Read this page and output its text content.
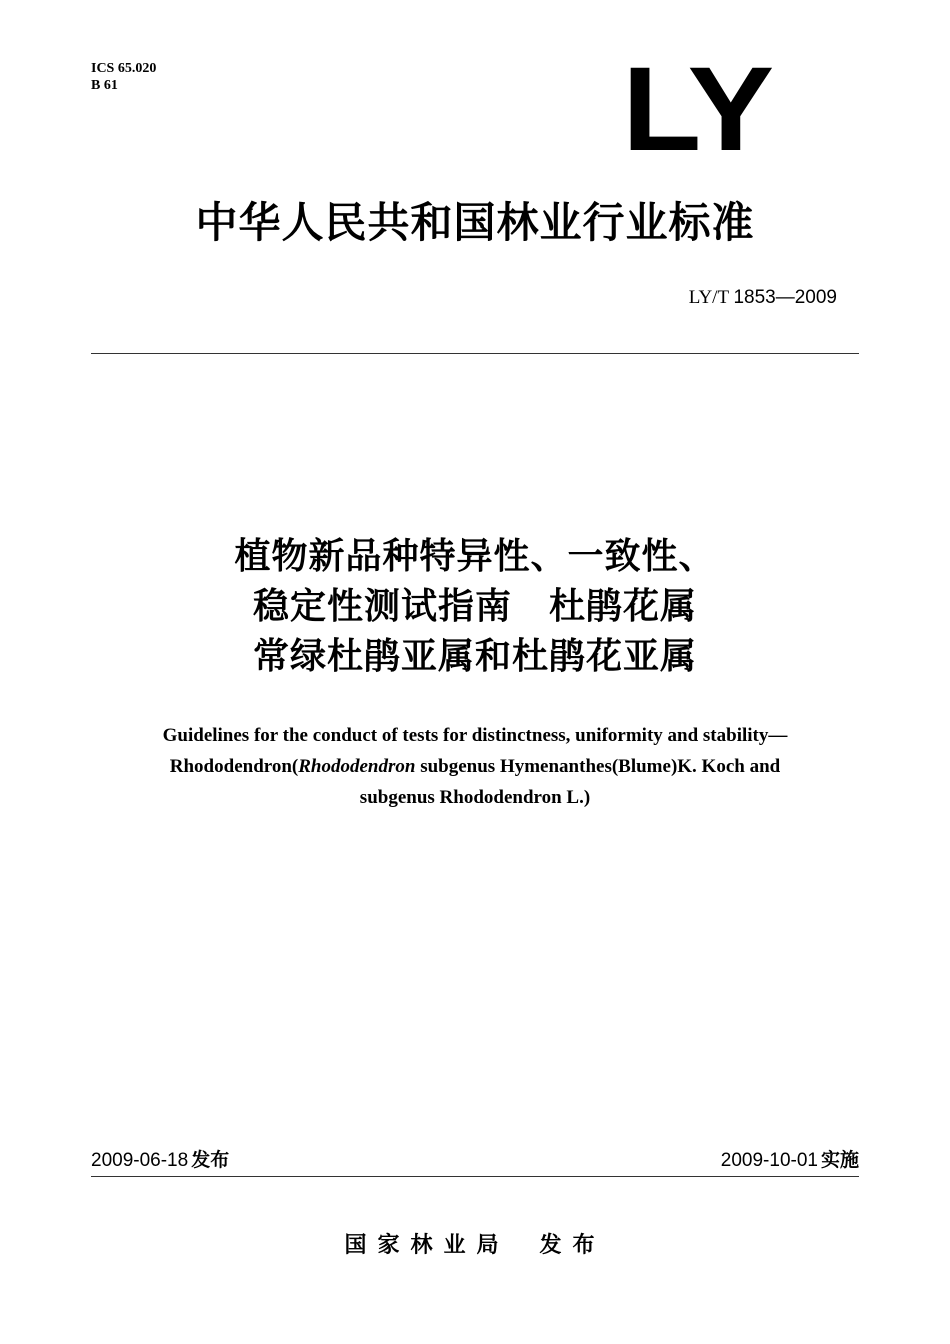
ICS 65.020
B 61	LY
中华人民共和国林业行业标准
LY/T 1853—2009
植物新品种特异性、一致性、
稳定性测试指南　杜鹃花属
常绿杜鹃亚属和杜鹃花亚属
Guidelines for the conduct of tests for distinctness, uniformity and stability—
Rhododendron(Rhododendron subgenus Hymenanthes(Blume)K. Koch and
subgenus Rhododendron L.)
2009-06-18 发布	2009-10-01 实施
国家林业局 发布
